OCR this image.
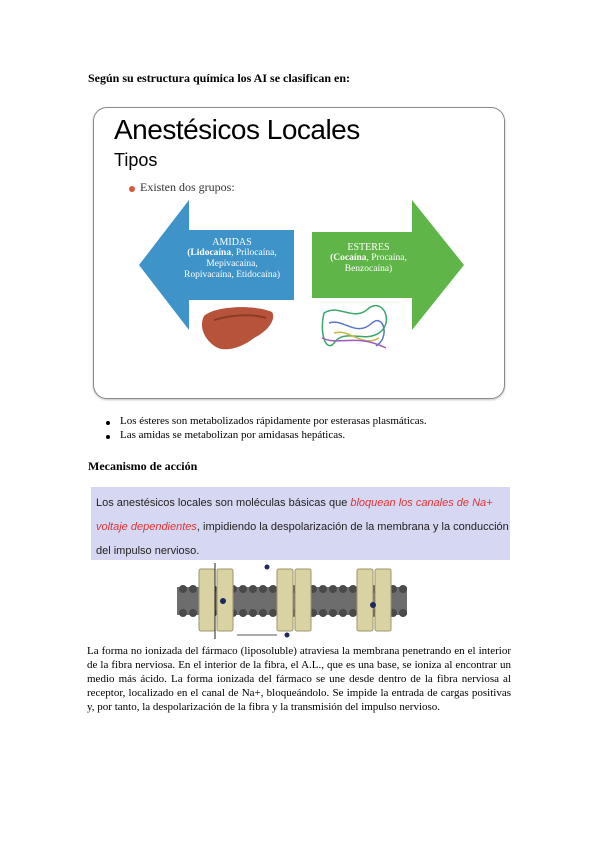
Según su estructura química los AI se clasifican en:
Anestésicos Locales
Tipos
Existen dos grupos:
AMIDAS
(Lidocaína, Prilocaína,
Mepivacaína,
Ropivacaína, Etidocaína)
ESTERES
(Cocaína, Procaína,
Benzocaína)
Los ésteres son metabolizados rápidamente por esterasas plasmáticas.
Las amidas se metabolizan por amidasas hepáticas.
Mecanismo de acción
Los anestésicos locales son moléculas básicas que bloquean los canales de Na+ voltaje dependientes, impidiendo la despolarización de la membrana y la conducción del impulso nervioso.
La forma no ionizada del fármaco (liposoluble) atraviesa la membrana penetrando en el interior de la fibra nerviosa. En el interior de la fibra, el A.L., que es una base, se ioniza al encontrar un medio más ácido. La forma ionizada del fármaco se une desde dentro de la fibra nerviosa al receptor, localizado en el canal de Na+, bloqueándolo. Se impide la entrada de cargas positivas y, por tanto, la despolarización de la fibra y la transmisión del impulso nervioso.
